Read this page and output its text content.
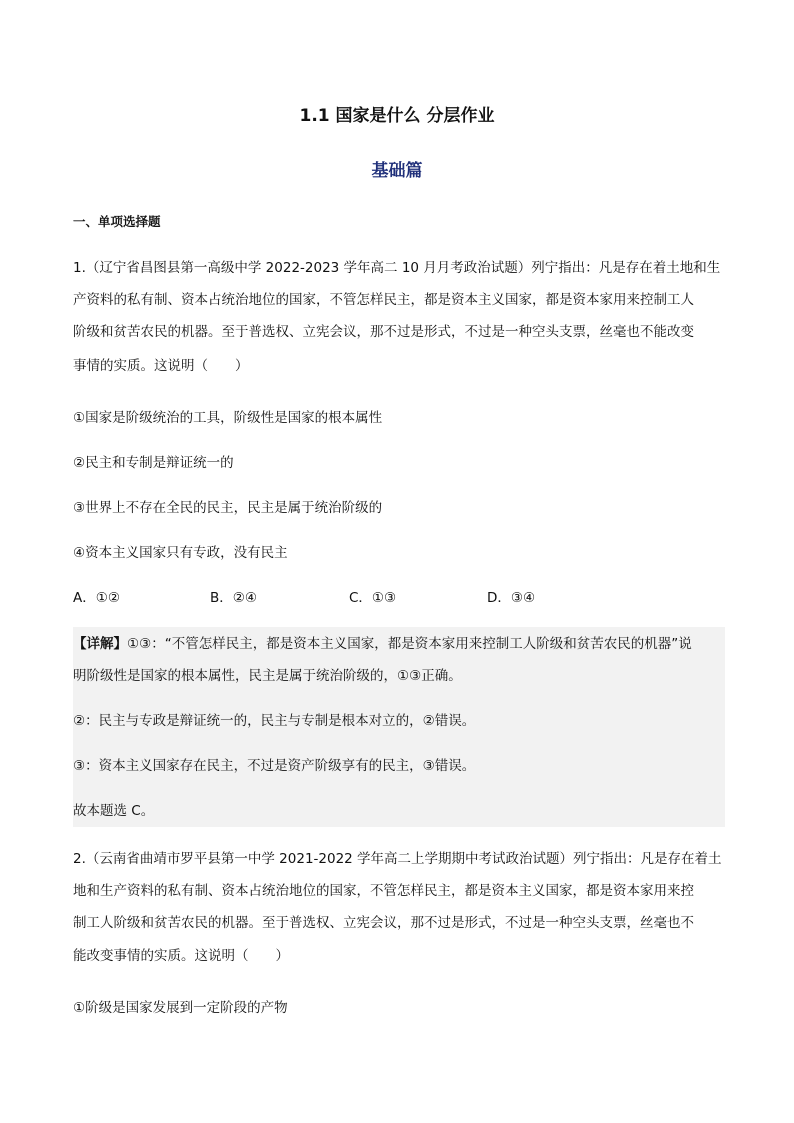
1.1 国家是什么 分层作业
基础篇
一、单项选择题
1.（辽宁省昌图县第一高级中学 2022-2023 学年高二 10 月月考政治试题）列宁指出：凡是存在着土地和生
产资料的私有制、资本占统治地位的国家，不管怎样民主，都是资本主义国家，都是资本家用来控制工人
阶级和贫苦农民的机器。至于普选权、立宪会议，那不过是形式，不过是一种空头支票，丝毫也不能改变
事情的实质。这说明（　　）
①国家是阶级统治的工具，阶级性是国家的根本属性
②民主和专制是辩证统一的
③世界上不存在全民的民主，民主是属于统治阶级的
④资本主义国家只有专政，没有民主
A．①②	B．②④	C．①③	D．③④
【详解】①③：“不管怎样民主，都是资本主义国家，都是资本家用来控制工人阶级和贫苦农民的机器”说
明阶级性是国家的根本属性，民主是属于统治阶级的，①③正确。
②：民主与专政是辩证统一的，民主与专制是根本对立的，②错误。
③：资本主义国家存在民主，不过是资产阶级享有的民主，③错误。
故本题选 C。
2.（云南省曲靖市罗平县第一中学 2021-2022 学年高二上学期期中考试政治试题）列宁指出：凡是存在着土
地和生产资料的私有制、资本占统治地位的国家，不管怎样民主，都是资本主义国家，都是资本家用来控
制工人阶级和贫苦农民的机器。至于普选权、立宪会议，那不过是形式，不过是一种空头支票，丝毫也不
能改变事情的实质。这说明（　　）
①阶级是国家发展到一定阶段的产物
